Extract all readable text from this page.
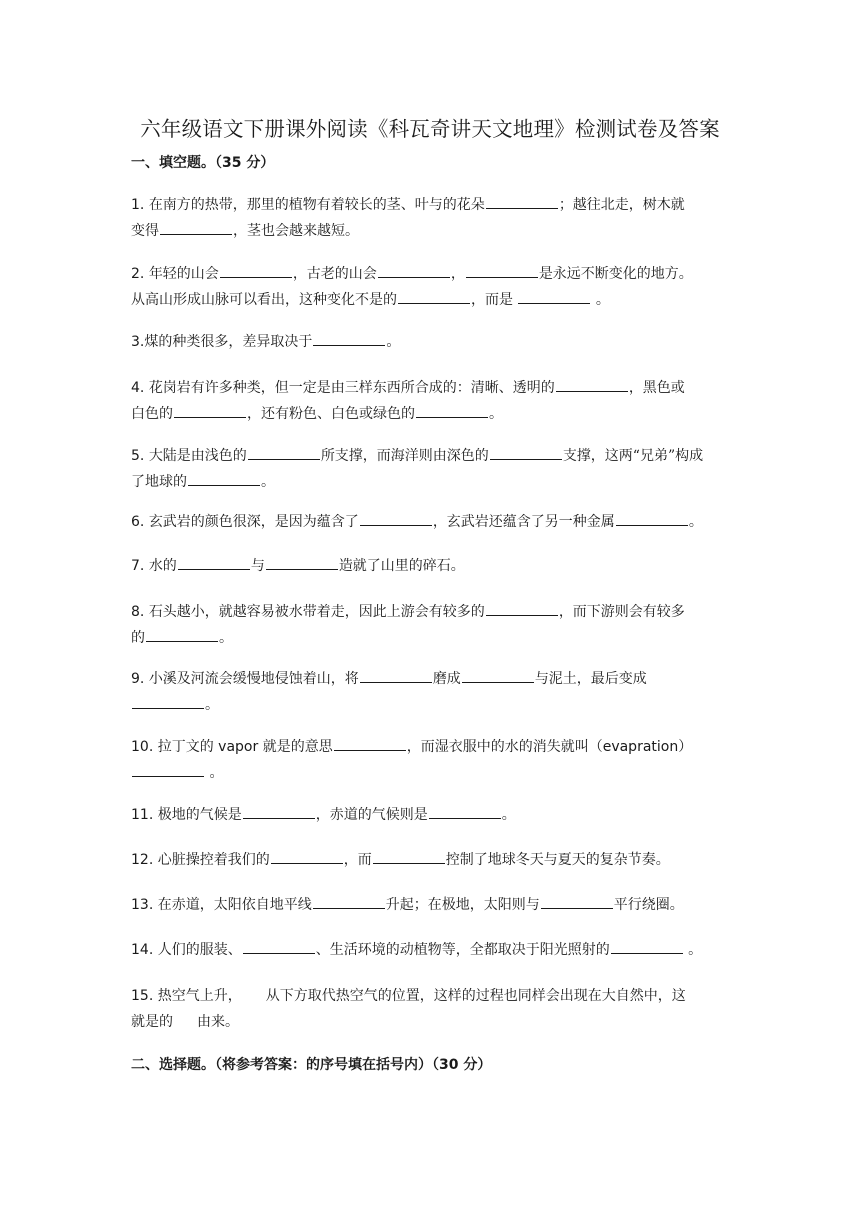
六年级语文下册课外阅读《科瓦奇讲天文地理》检测试卷及答案
一、填空题。（35 分）
1. 在南方的热带，那里的植物有着较长的茎、叶与的花朵	；越往北走，树木就
变得	，茎也会越来越短。
2. 年轻的山会	，古老的山会	，	是永远不断变化的地方。
从高山形成山脉可以看出，这种变化不是的	，而是	。
3.煤的种类很多，差异取决于	。
4. 花岗岩有许多种类，但一定是由三样东西所合成的：清晰、透明的	，黑色或
白色的	，还有粉色、白色或绿色的	。
5. 大陆是由浅色的	所支撑，而海洋则由深色的	支撑，这两“兄弟”构成
了地球的	。
6. 玄武岩的颜色很深，是因为蕴含了	，玄武岩还蕴含了另一种金属	。
7. 水的	与	造就了山里的碎石。
8. 石头越小，就越容易被水带着走，因此上游会有较多的	，而下游则会有较多
的	。
9. 小溪及河流会缓慢地侵蚀着山，将	磨成	与泥土，最后变成
。
10. 拉丁文的 vapor 就是的意思	，而湿衣服中的水的消失就叫（evapration）
。
11. 极地的气候是	，赤道的气候则是	。
12. 心脏操控着我们的	，而	控制了地球冬天与夏天的复杂节奏。
13. 在赤道，太阳依自地平线	升起；在极地，太阳则与	平行绕圈。
14. 人们的服装、	、生活环境的动植物等，全都取决于阳光照射的	。
15. 热空气上升， 从下方取代热空气的位置，这样的过程也同样会出现在大自然中，这
就是的 由来。
二、选择题。（将参考答案：的序号填在括号内）（30 分）
